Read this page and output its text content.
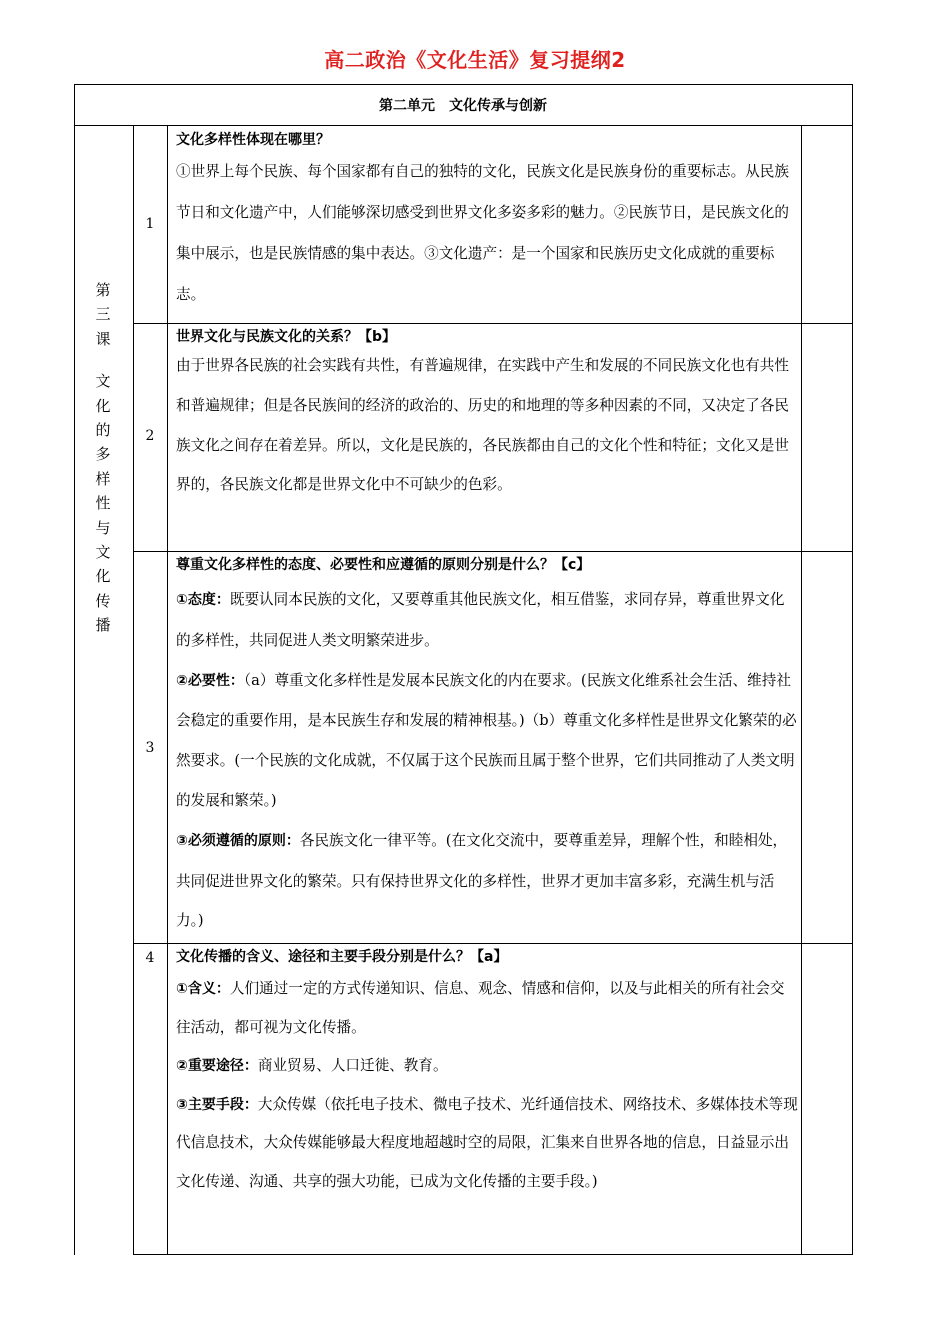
高二政治《文化生活》复习提纲2
第二单元　文化传承与创新
第
三
课
文
化
的
多
样
性
与
文
化
传
播
1
文化多样性体现在哪里？

①世界上每个民族、每个国家都有自己的独特的文化，民族文化是民族身份的重要标志。从民族节日和文化遗产中，人们能够深切感受到世界文化多姿多彩的魅力。②民族节日，是民族文化的集中展示，也是民族情感的集中表达。③文化遗产：是一个国家和民族历史文化成就的重要标志。

2
世界文化与民族文化的关系？【b】

由于世界各民族的社会实践有共性，有普遍规律，在实践中产生和发展的不同民族文化也有共性和普遍规律；但是各民族间的经济的政治的、历史的和地理的等多种因素的不同，又决定了各民族文化之间存在着差异。所以，文化是民族的，各民族都由自己的文化个性和特征；文化又是世界的，各民族文化都是世界文化中不可缺少的色彩。

3
尊重文化多样性的态度、必要性和应遵循的原则分别是什么？【c】

①态度：既要认同本民族的文化，又要尊重其他民族文化，相互借鉴，求同存异，尊重世界文化的多样性，共同促进人类文明繁荣进步。

②必要性：（a）尊重文化多样性是发展本民族文化的内在要求。(民族文化维系社会生活、维持社会稳定的重要作用，是本民族生存和发展的精神根基。)（b）尊重文化多样性是世界文化繁荣的必然要求。(一个民族的文化成就，不仅属于这个民族而且属于整个世界，它们共同推动了人类文明的发展和繁荣。)

③必须遵循的原则：各民族文化一律平等。(在文化交流中，要尊重差异，理解个性，和睦相处，共同促进世界文化的繁荣。只有保持世界文化的多样性，世界才更加丰富多彩，充满生机与活力。)

4	文化传播的含义、途径和主要手段分别是什么？【a】

①含义：人们通过一定的方式传递知识、信息、观念、情感和信仰，以及与此相关的所有社会交往活动，都可视为文化传播。

②重要途径：商业贸易、人口迁徙、教育。

③主要手段：大众传媒（依托电子技术、微电子技术、光纤通信技术、网络技术、多媒体技术等现代信息技术，大众传媒能够最大程度地超越时空的局限，汇集来自世界各地的信息，日益显示出文化传递、沟通、共享的强大功能，已成为文化传播的主要手段。)
